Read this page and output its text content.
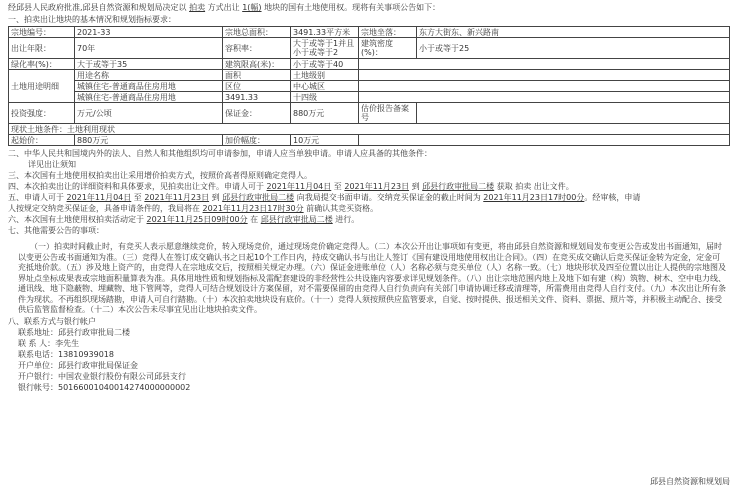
经邱县人民政府批准,邱县自然资源和规划局决定以 拍卖 方式出让 1(幅) 地块的国有土地使用权。现将有关事项公告如下：

一、拍卖出让地块的基本情况和规划指标要求：

宗地编号：	2021-33	宗地总面积：	3491.33平方米	宗地坐落：	东方大街东、新兴路南
出让年限：	70年	容积率：	大于或等于1并且小于或等于2	建筑密度(%)：	小于或等于25
绿化率(%)：	大于或等于35	建筑限高(米)：	小于或等于40		
土地用途明细	用途名称	面积	土地级别		
	城镇住宅-普通商品住房用地	区位	中心城区		
	城镇住宅-普通商品住房用地	3491.33	十四级		
投资强度：	万元/公顷	保证金：	880万元	估价报告备案号	
现状土地条件：土地利用现状					
起始价：	880万元	加价幅度：	10万元		

二、中华人民共和国境内外的法人、自然人和其他组织均可申请参加，申请人应当单独申请。申请人应具备的其他条件：

详见出让须知

三、本次国有土地使用权拍卖出让采用增价拍卖方式，按照价高者得原则确定竞得人。

四、本次拍卖出让的详细资料和具体要求，见拍卖出让文件。申请人可于 2021年11月04日 至 2021年11月23日 到 邱县行政审批局二楼 获取 拍卖 出让文件。

五、申请人可于 2021年11月04日 至 2021年11月23日 到 邱县行政审批局二楼 向我局提交书面申请。交纳竞买保证金的截止时间为 2021年11月23日17时00分。经审核，申请

人按规定交纳竞买保证金，具备申请条件的，我局将在 2021年11月23日17时30分 前确认其竞买资格。

六、本次国有土地使用权拍卖活动定于 2021年11月25日09时00分 在 邱县行政审批局二楼 进行。

七、其他需要公告的事项：

（一）拍卖时间截止时，有竞买人表示愿意继续竞价，转入现场竞价，通过现场竞价确定竞得人。（二）本次公开出让事项如有变更，将由邱县自然资源和规划局发布变更公告或发出书面通知，届时以变更公告或书面通知为准。（三）竞得人在签订成交确认书之日起10个工作日内，持成交确认书与出让人签订《国有建设用地使用权出让合同》。（四）在竞买成交确认后竞买保证金转为定金，定金可充抵地价款。（五）涉及地上资产的，由竞得人在宗地成交后，按照相关规定办理。（六）保证金进账单位（人）名称必须与竞买单位（人）名称一致。（七）地块形状及四至位置以出让人提供的宗地图及界址点坐标成果表或宗地面积量算表为准。具体用地性质和规划指标及需配套建设的非经营性公共设施内容要求详见规划条件。（八）出让宗地范围内地上及地下如有建（构）筑物、树木、空中电力线、通讯线、地下隐蔽物、埋藏物、地下管网等，竞得人可结合规划设计方案保留，对不需要保留的由竞得人自行负责向有关部门申请协调迁移或清理等，所需费用由竞得人自行支付。（九）本次出让所有条件为现状。不再组织现场踏勘，申请人可自行踏勘。（十）本次拍卖地块设有底价。（十一）竞得人须按照供应监管要求，自觉、按时提供、报送相关文件、资料、票据、照片等，并积极主动配合、接受供后监管监督检查。（十二）本次公告未尽事宜见出让地块拍卖文件。

八、联系方式与银行帐户

联系地址：邱县行政审批局二楼

联 系 人：李先生

联系电话：13810939018

开户单位：邱县行政审批局保证金

开户银行：中国农业银行股份有限公司邱县支行

银行帐号：50166001040014274000000002

邱县自然资源和规划局
